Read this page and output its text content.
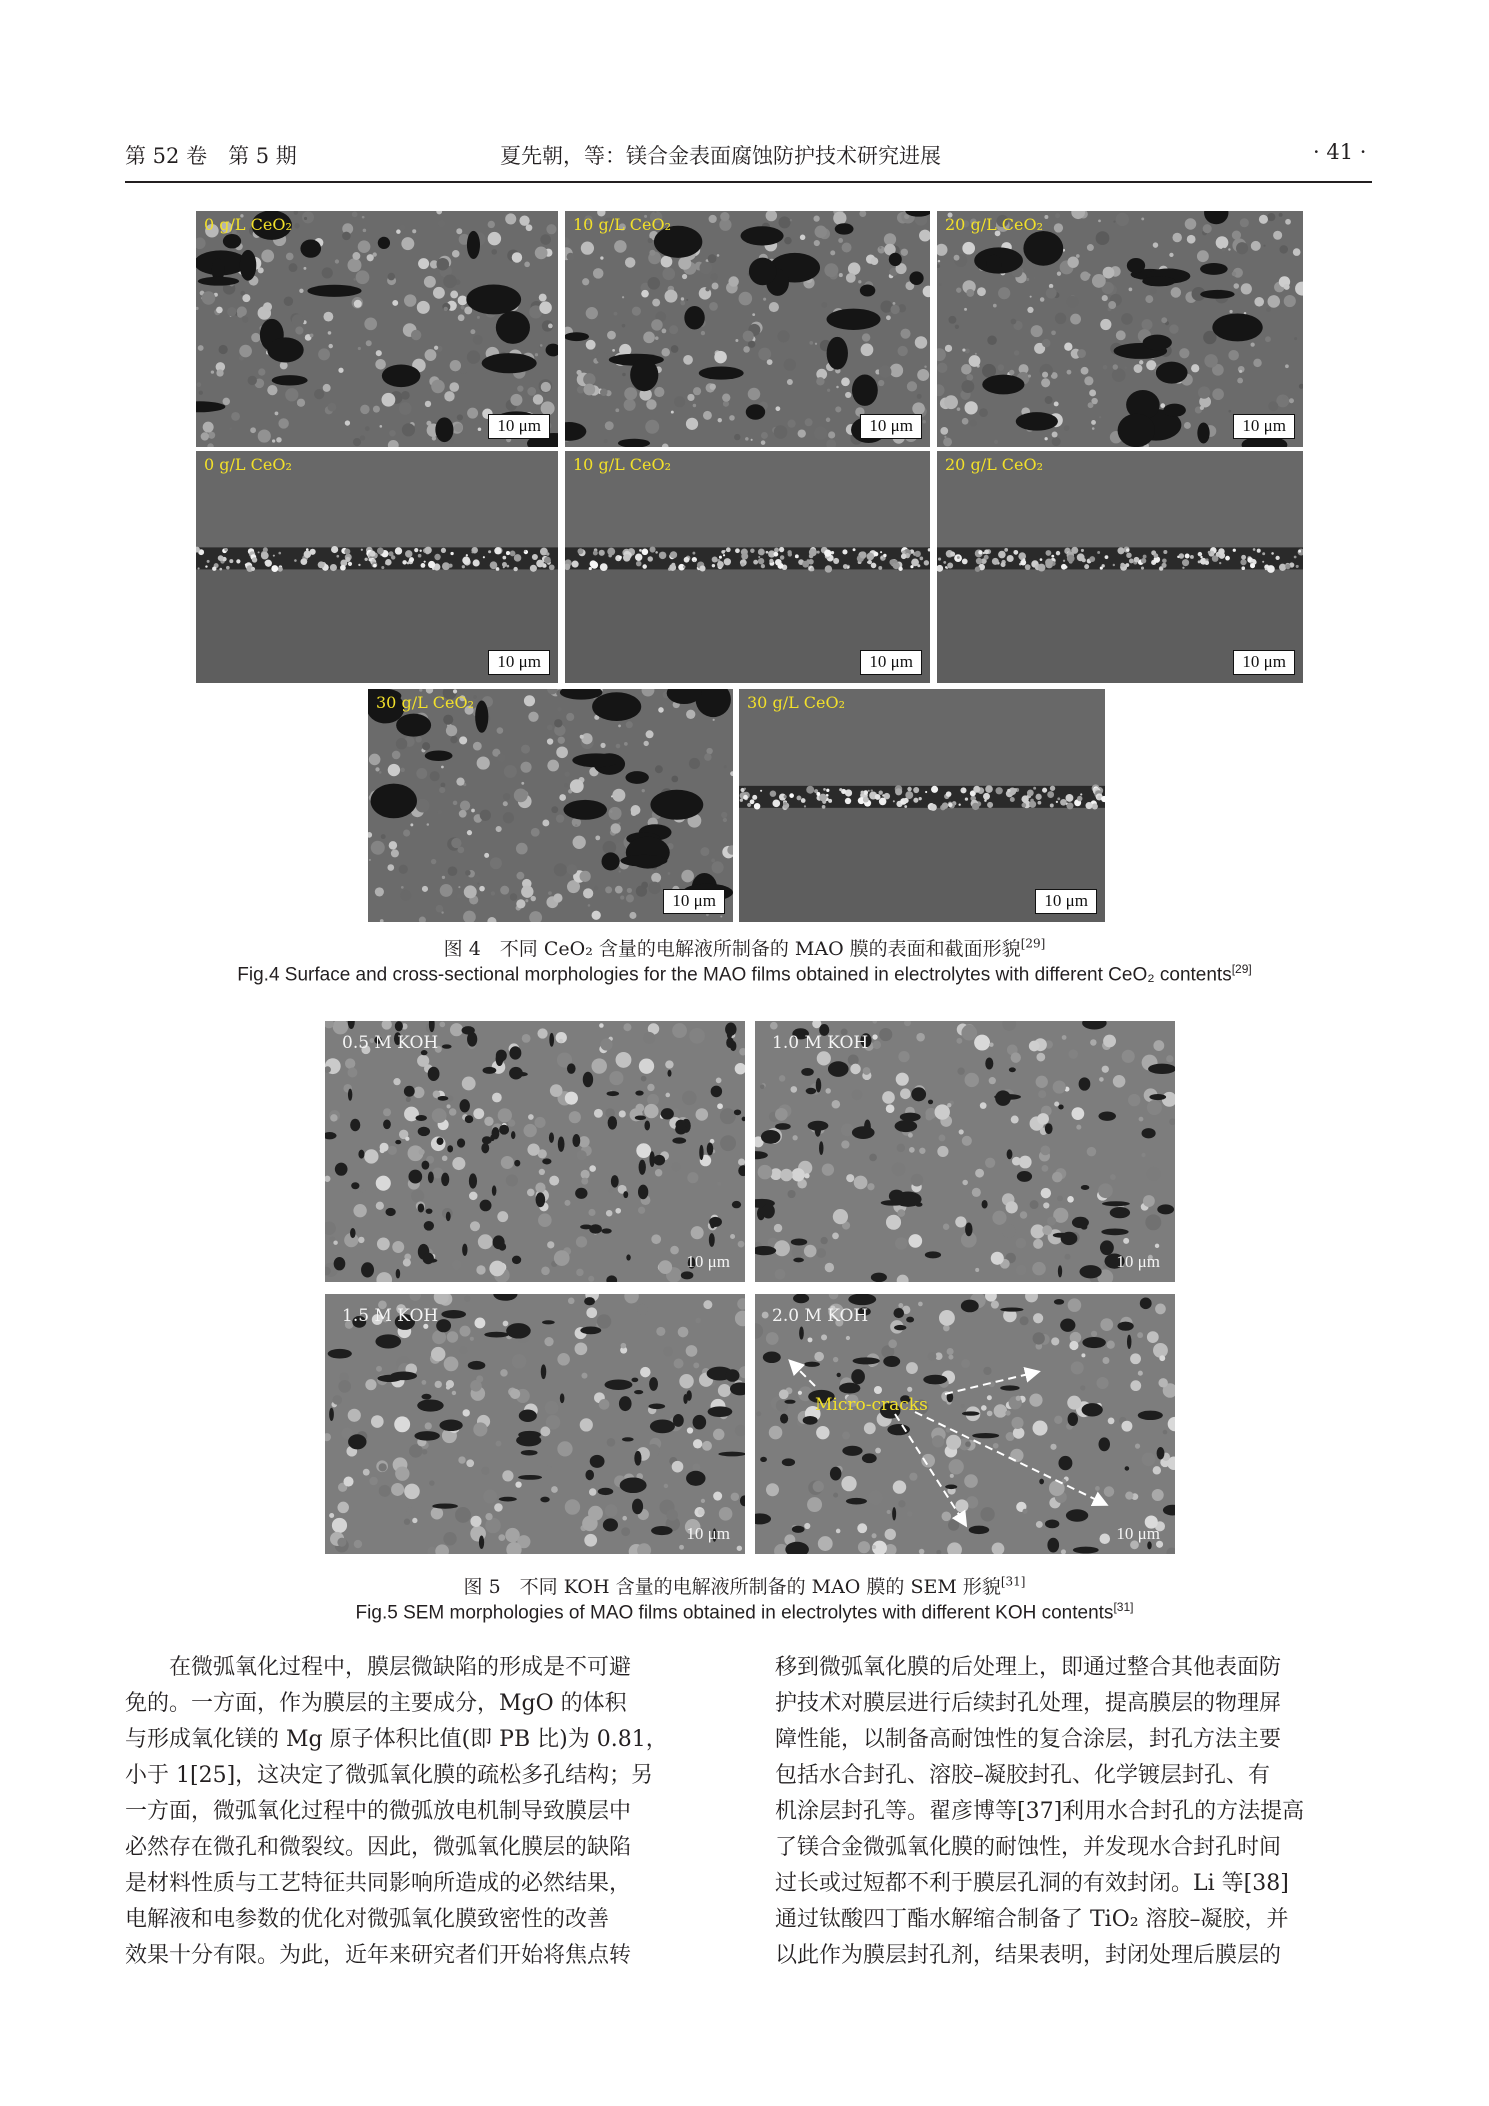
第 52 卷　第 5 期	夏先朝，等：镁合金表面腐蚀防护技术研究进展	· 41 ·
0 g/L CeO₂
10 μm
10 g/L CeO₂
10 μm
20 g/L CeO₂
10 μm
0 g/L CeO₂
10 μm
10 g/L CeO₂
10 μm
20 g/L CeO₂
10 μm
30 g/L CeO₂
10 μm
30 g/L CeO₂
10 μm
图 4　不同 CeO₂ 含量的电解液所制备的 MAO 膜的表面和截面形貌[29]
Fig.4 Surface and cross-sectional morphologies for the MAO films obtained in electrolytes with different CeO₂ contents[29]
0.5 M KOH
10 μm
1.0 M KOH
10 μm
1.5 M KOH
10 μm
2.0 M KOH
10 μm
Micro-cracks
图 5　不同 KOH 含量的电解液所制备的 MAO 膜的 SEM 形貌[31]
Fig.5 SEM morphologies of MAO films obtained in electrolytes with different KOH contents[31]

在微弧氧化过程中，膜层微缺陷的形成是不可避

免的。一方面，作为膜层的主要成分，MgO 的体积

与形成氧化镁的 Mg 原子体积比值(即 PB 比)为 0.81，

小于 1[25]，这决定了微弧氧化膜的疏松多孔结构；另

一方面，微弧氧化过程中的微弧放电机制导致膜层中

必然存在微孔和微裂纹。因此，微弧氧化膜层的缺陷

是材料性质与工艺特征共同影响所造成的必然结果，

电解液和电参数的优化对微弧氧化膜致密性的改善

效果十分有限。为此，近年来研究者们开始将焦点转

移到微弧氧化膜的后处理上，即通过整合其他表面防

护技术对膜层进行后续封孔处理，提高膜层的物理屏

障性能，以制备高耐蚀性的复合涂层，封孔方法主要

包括水合封孔、溶胶–凝胶封孔、化学镀层封孔、有

机涂层封孔等。翟彦博等[37]利用水合封孔的方法提高

了镁合金微弧氧化膜的耐蚀性，并发现水合封孔时间

过长或过短都不利于膜层孔洞的有效封闭。Li 等[38]

通过钛酸四丁酯水解缩合制备了 TiO₂ 溶胶–凝胶，并

以此作为膜层封孔剂，结果表明，封闭处理后膜层的
